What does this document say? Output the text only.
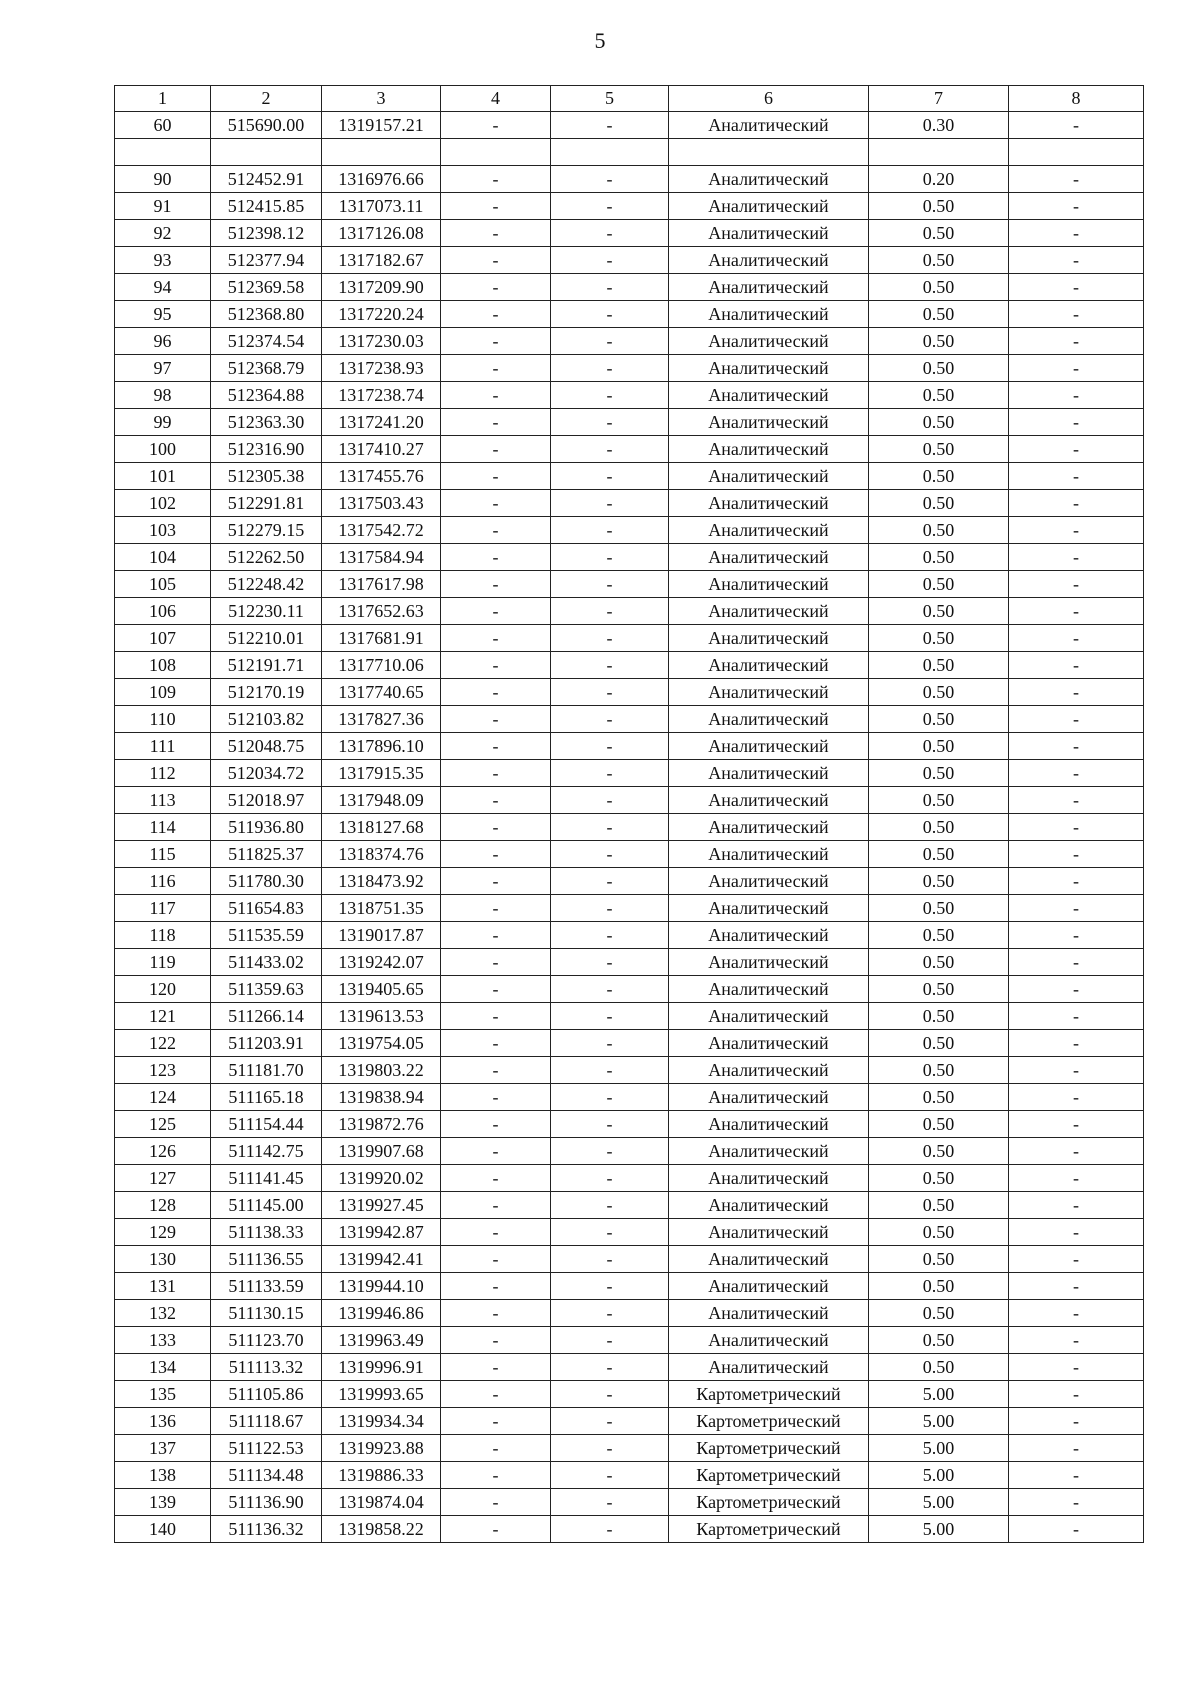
5
1	2	3	4	5	6	7	8
60	515690.00	1319157.21	-	-	Аналитический	0.30	-

90	512452.91	1316976.66	-	-	Аналитический	0.20	-
91	512415.85	1317073.11	-	-	Аналитический	0.50	-
92	512398.12	1317126.08	-	-	Аналитический	0.50	-
93	512377.94	1317182.67	-	-	Аналитический	0.50	-
94	512369.58	1317209.90	-	-	Аналитический	0.50	-
95	512368.80	1317220.24	-	-	Аналитический	0.50	-
96	512374.54	1317230.03	-	-	Аналитический	0.50	-
97	512368.79	1317238.93	-	-	Аналитический	0.50	-
98	512364.88	1317238.74	-	-	Аналитический	0.50	-
99	512363.30	1317241.20	-	-	Аналитический	0.50	-
100	512316.90	1317410.27	-	-	Аналитический	0.50	-
101	512305.38	1317455.76	-	-	Аналитический	0.50	-
102	512291.81	1317503.43	-	-	Аналитический	0.50	-
103	512279.15	1317542.72	-	-	Аналитический	0.50	-
104	512262.50	1317584.94	-	-	Аналитический	0.50	-
105	512248.42	1317617.98	-	-	Аналитический	0.50	-
106	512230.11	1317652.63	-	-	Аналитический	0.50	-
107	512210.01	1317681.91	-	-	Аналитический	0.50	-
108	512191.71	1317710.06	-	-	Аналитический	0.50	-
109	512170.19	1317740.65	-	-	Аналитический	0.50	-
110	512103.82	1317827.36	-	-	Аналитический	0.50	-
111	512048.75	1317896.10	-	-	Аналитический	0.50	-
112	512034.72	1317915.35	-	-	Аналитический	0.50	-
113	512018.97	1317948.09	-	-	Аналитический	0.50	-
114	511936.80	1318127.68	-	-	Аналитический	0.50	-
115	511825.37	1318374.76	-	-	Аналитический	0.50	-
116	511780.30	1318473.92	-	-	Аналитический	0.50	-
117	511654.83	1318751.35	-	-	Аналитический	0.50	-
118	511535.59	1319017.87	-	-	Аналитический	0.50	-
119	511433.02	1319242.07	-	-	Аналитический	0.50	-
120	511359.63	1319405.65	-	-	Аналитический	0.50	-
121	511266.14	1319613.53	-	-	Аналитический	0.50	-
122	511203.91	1319754.05	-	-	Аналитический	0.50	-
123	511181.70	1319803.22	-	-	Аналитический	0.50	-
124	511165.18	1319838.94	-	-	Аналитический	0.50	-
125	511154.44	1319872.76	-	-	Аналитический	0.50	-
126	511142.75	1319907.68	-	-	Аналитический	0.50	-
127	511141.45	1319920.02	-	-	Аналитический	0.50	-
128	511145.00	1319927.45	-	-	Аналитический	0.50	-
129	511138.33	1319942.87	-	-	Аналитический	0.50	-
130	511136.55	1319942.41	-	-	Аналитический	0.50	-
131	511133.59	1319944.10	-	-	Аналитический	0.50	-
132	511130.15	1319946.86	-	-	Аналитический	0.50	-
133	511123.70	1319963.49	-	-	Аналитический	0.50	-
134	511113.32	1319996.91	-	-	Аналитический	0.50	-
135	511105.86	1319993.65	-	-	Картометрический	5.00	-
136	511118.67	1319934.34	-	-	Картометрический	5.00	-
137	511122.53	1319923.88	-	-	Картометрический	5.00	-
138	511134.48	1319886.33	-	-	Картометрический	5.00	-
139	511136.90	1319874.04	-	-	Картометрический	5.00	-
140	511136.32	1319858.22	-	-	Картометрический	5.00	-
